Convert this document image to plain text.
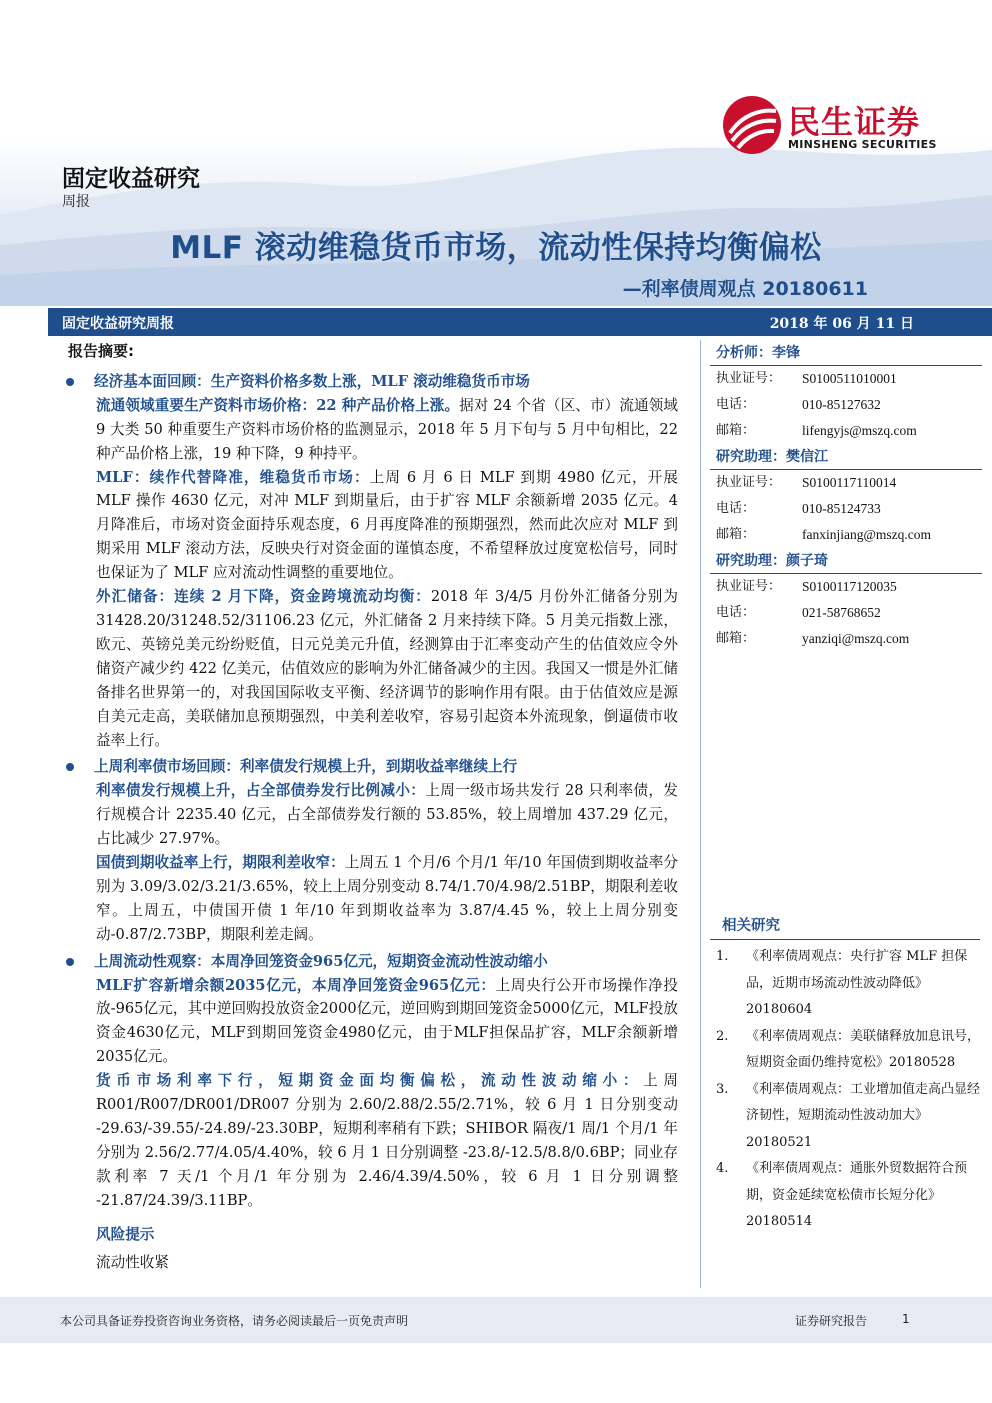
民生证券
MINSHENG SECURITIES
固定收益研究
周报
MLF 滚动维稳货币市场，流动性保持均衡偏松
—利率债周观点 20180611
固定收益研究周报	2018 年 06 月 11 日
报告摘要:
经济基本面回顾：生产资料价格多数上涨，MLF 滚动维稳货币市场
流通领域重要生产资料市场价格：22 种产品价格上涨。据对 24 个省（区、市）流通领域 9 大类 50 种重要生产资料市场价格的监测显示，2018 年 5 月下旬与 5 月中旬相比，22 种产品价格上涨，19 种下降，9 种持平。
MLF：续作代替降准，维稳货币市场：上周 6 月 6 日 MLF 到期 4980 亿元，开展 MLF 操作 4630 亿元，对冲 MLF 到期量后，由于扩容 MLF 余额新增 2035 亿元。4 月降准后，市场对资金面持乐观态度，6 月再度降准的预期强烈，然而此次应对 MLF 到期采用 MLF 滚动方法，反映央行对资金面的谨慎态度，不希望释放过度宽松信号，同时也保证为了 MLF 应对流动性调整的重要地位。
外汇储备：连续 2 月下降，资金跨境流动均衡：2018 年 3/4/5 月份外汇储备分别为 31428.20/31248.52/31106.23 亿元，外汇储备 2 月来持续下降。5 月美元指数上涨，欧元、英镑兑美元纷纷贬值，日元兑美元升值，经测算由于汇率变动产生的估值效应令外储资产减少约 422 亿美元，估值效应的影响为外汇储备减少的主因。我国又一惯是外汇储备排名世界第一的，对我国国际收支平衡、经济调节的影响作用有限。由于估值效应是源自美元走高，美联储加息预期强烈，中美利差收窄，容易引起资本外流现象，倒逼债市收益率上行。
上周利率债市场回顾：利率债发行规模上升，到期收益率继续上行
利率债发行规模上升，占全部债券发行比例减小：上周一级市场共发行 28 只利率债，发行规模合计 2235.40 亿元，占全部债券发行额的 53.85%，较上周增加 437.29 亿元，占比减少 27.97%。
国债到期收益率上行，期限利差收窄：上周五 1 个月/6 个月/1 年/10 年国债到期收益率分别为 3.09/3.02/3.21/3.65%，较上上周分别变动 8.74/1.70/4.98/2.51BP，期限利差收窄。上周五，中债国开债 1 年/10 年到期收益率为 3.87/4.45 %，较上上周分别变动-0.87/2.73BP，期限利差走阔。
上周流动性观察：本周净回笼资金965亿元，短期资金流动性波动缩小
MLF扩容新增余额2035亿元，本周净回笼资金965亿元：上周央行公开市场操作净投放-965亿元，其中逆回购投放资金2000亿元，逆回购到期回笼资金5000亿元，MLF投放资金4630亿元，MLF到期回笼资金4980亿元，由于MLF担保品扩容，MLF余额新增2035亿元。
货币市场利率下行，短期资金面均衡偏松，流动性波动缩小：上周 R001/R007/DR001/DR007 分别为 2.60/2.88/2.55/2.71%，较 6 月 1 日分别变动 -29.63/-39.55/-24.89/-23.30BP，短期利率稍有下跌；SHIBOR 隔夜/1 周/1 个月/1 年分别为 2.56/2.77/4.05/4.40%，较 6 月 1 日分别调整 -23.8/-12.5/8.8/0.6BP；同业存款利率 7 天/1 个月/1 年分别为 2.46/4.39/4.50%，较 6 月 1 日分别调整 -21.87/24.39/3.11BP。
风险提示
流动性收紧
分析师：李锋
执业证号：	S0100511010001
电话：	010-85127632
邮箱：	lifengyjs@mszq.com
研究助理：樊信江
执业证号：	S0100117110014
电话：	010-85124733
邮箱：	fanxinjiang@mszq.com
研究助理：颜子琦
执业证号：	S0100117120035
电话：	021-58768652
邮箱：	yanziqi@mszq.com
相关研究
1.	《利率债周观点：央行扩容 MLF 担保品，近期市场流动性波动降低》20180604
2.	《利率债周观点：美联储释放加息讯号，短期资金面仍维持宽松》20180528
3.	《利率债周观点：工业增加值走高凸显经济韧性，短期流动性波动加大》20180521
4.	《利率债周观点：通胀外贸数据符合预期，资金延续宽松债市长短分化》20180514
本公司具备证券投资咨询业务资格，请务必阅读最后一页免责声明	证券研究报告	1
